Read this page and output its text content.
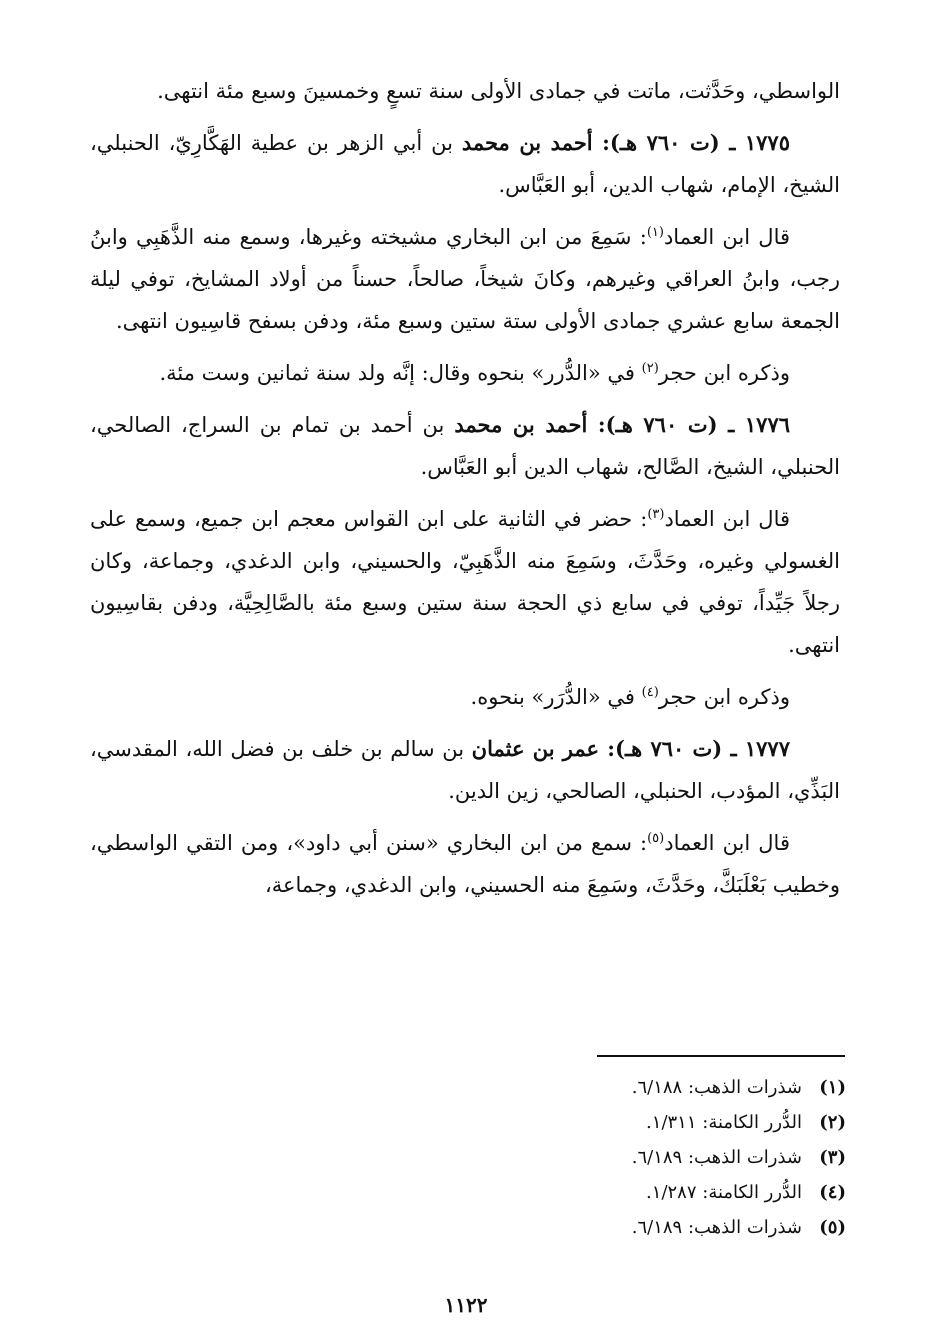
الواسطي، وحَدَّثت، ماتت في جمادى الأولى سنة تسعٍ وخمسينَ وسبع مئة انتهى.

١٧٧٥ ـ (ت ٧٦٠ هـ): أحمد بن محمد بن أبي الزهر بن عطية الهَكَّارِيّ، الحنبلي، الشيخ، الإمام، شهاب الدين، أبو العَبَّاس.

قال ابن العماد$^{(١)}$: سَمِعَ من ابن البخاري مشيخته وغيرها، وسمع منه الذَّهَبِي وابنُ رجب، وابنُ العراقي وغيرهم، وكانَ شيخاً، صالحاً، حسناً من أولاد المشايخ، توفي ليلة الجمعة سابع عشري جمادى الأولى ستة ستين وسبع مئة، ودفن بسفح قاسِيون انتهى.

وذكره ابن حجر$^{(٢)}$ في «الدُّرر» بنحوه وقال: إنَّه ولد سنة ثمانين وست مئة.

١٧٧٦ ـ (ت ٧٦٠ هـ): أحمد بن محمد بن أحمد بن تمام بن السراج، الصالحي، الحنبلي، الشيخ، الصَّالح، شهاب الدين أبو العَبَّاس.

قال ابن العماد$^{(٣)}$: حضر في الثانية على ابن القواس معجم ابن جميع، وسمع على الغسولي وغيره، وحَدَّثَ، وسَمِعَ منه الذَّهَبِيّ، والحسيني، وابن الدغدي، وجماعة، وكان رجلاً جَيِّداً، توفي في سابع ذي الحجة سنة ستين وسبع مئة بالصَّالِحِيَّة، ودفن بقاسِيون انتهى.

وذكره ابن حجر$^{(٤)}$ في «الدُّرَر» بنحوه.

١٧٧٧ ـ (ت ٧٦٠ هـ): عمر بن عثمان بن سالم بن خلف بن فضل الله، المقدسي، البَذِّي، المؤدب، الحنبلي، الصالحي، زين الدين.

قال ابن العماد$^{(٥)}$: سمع من ابن البخاري «سنن أبي داود»، ومن التقي الواسطي، وخطيب بَعْلَبَكَّ، وحَدَّثَ، وسَمِعَ منه الحسيني، وابن الدغدي، وجماعة،

(١)شذرات الذهب: ٦/١٨٨.
(٢)الدُّرر الكامنة: ١/٣١١.
(٣)شذرات الذهب: ٦/١٨٩.
(٤)الدُّرر الكامنة: ١/٢٨٧.
(٥)شذرات الذهب: ٦/١٨٩.
١١٢٢
